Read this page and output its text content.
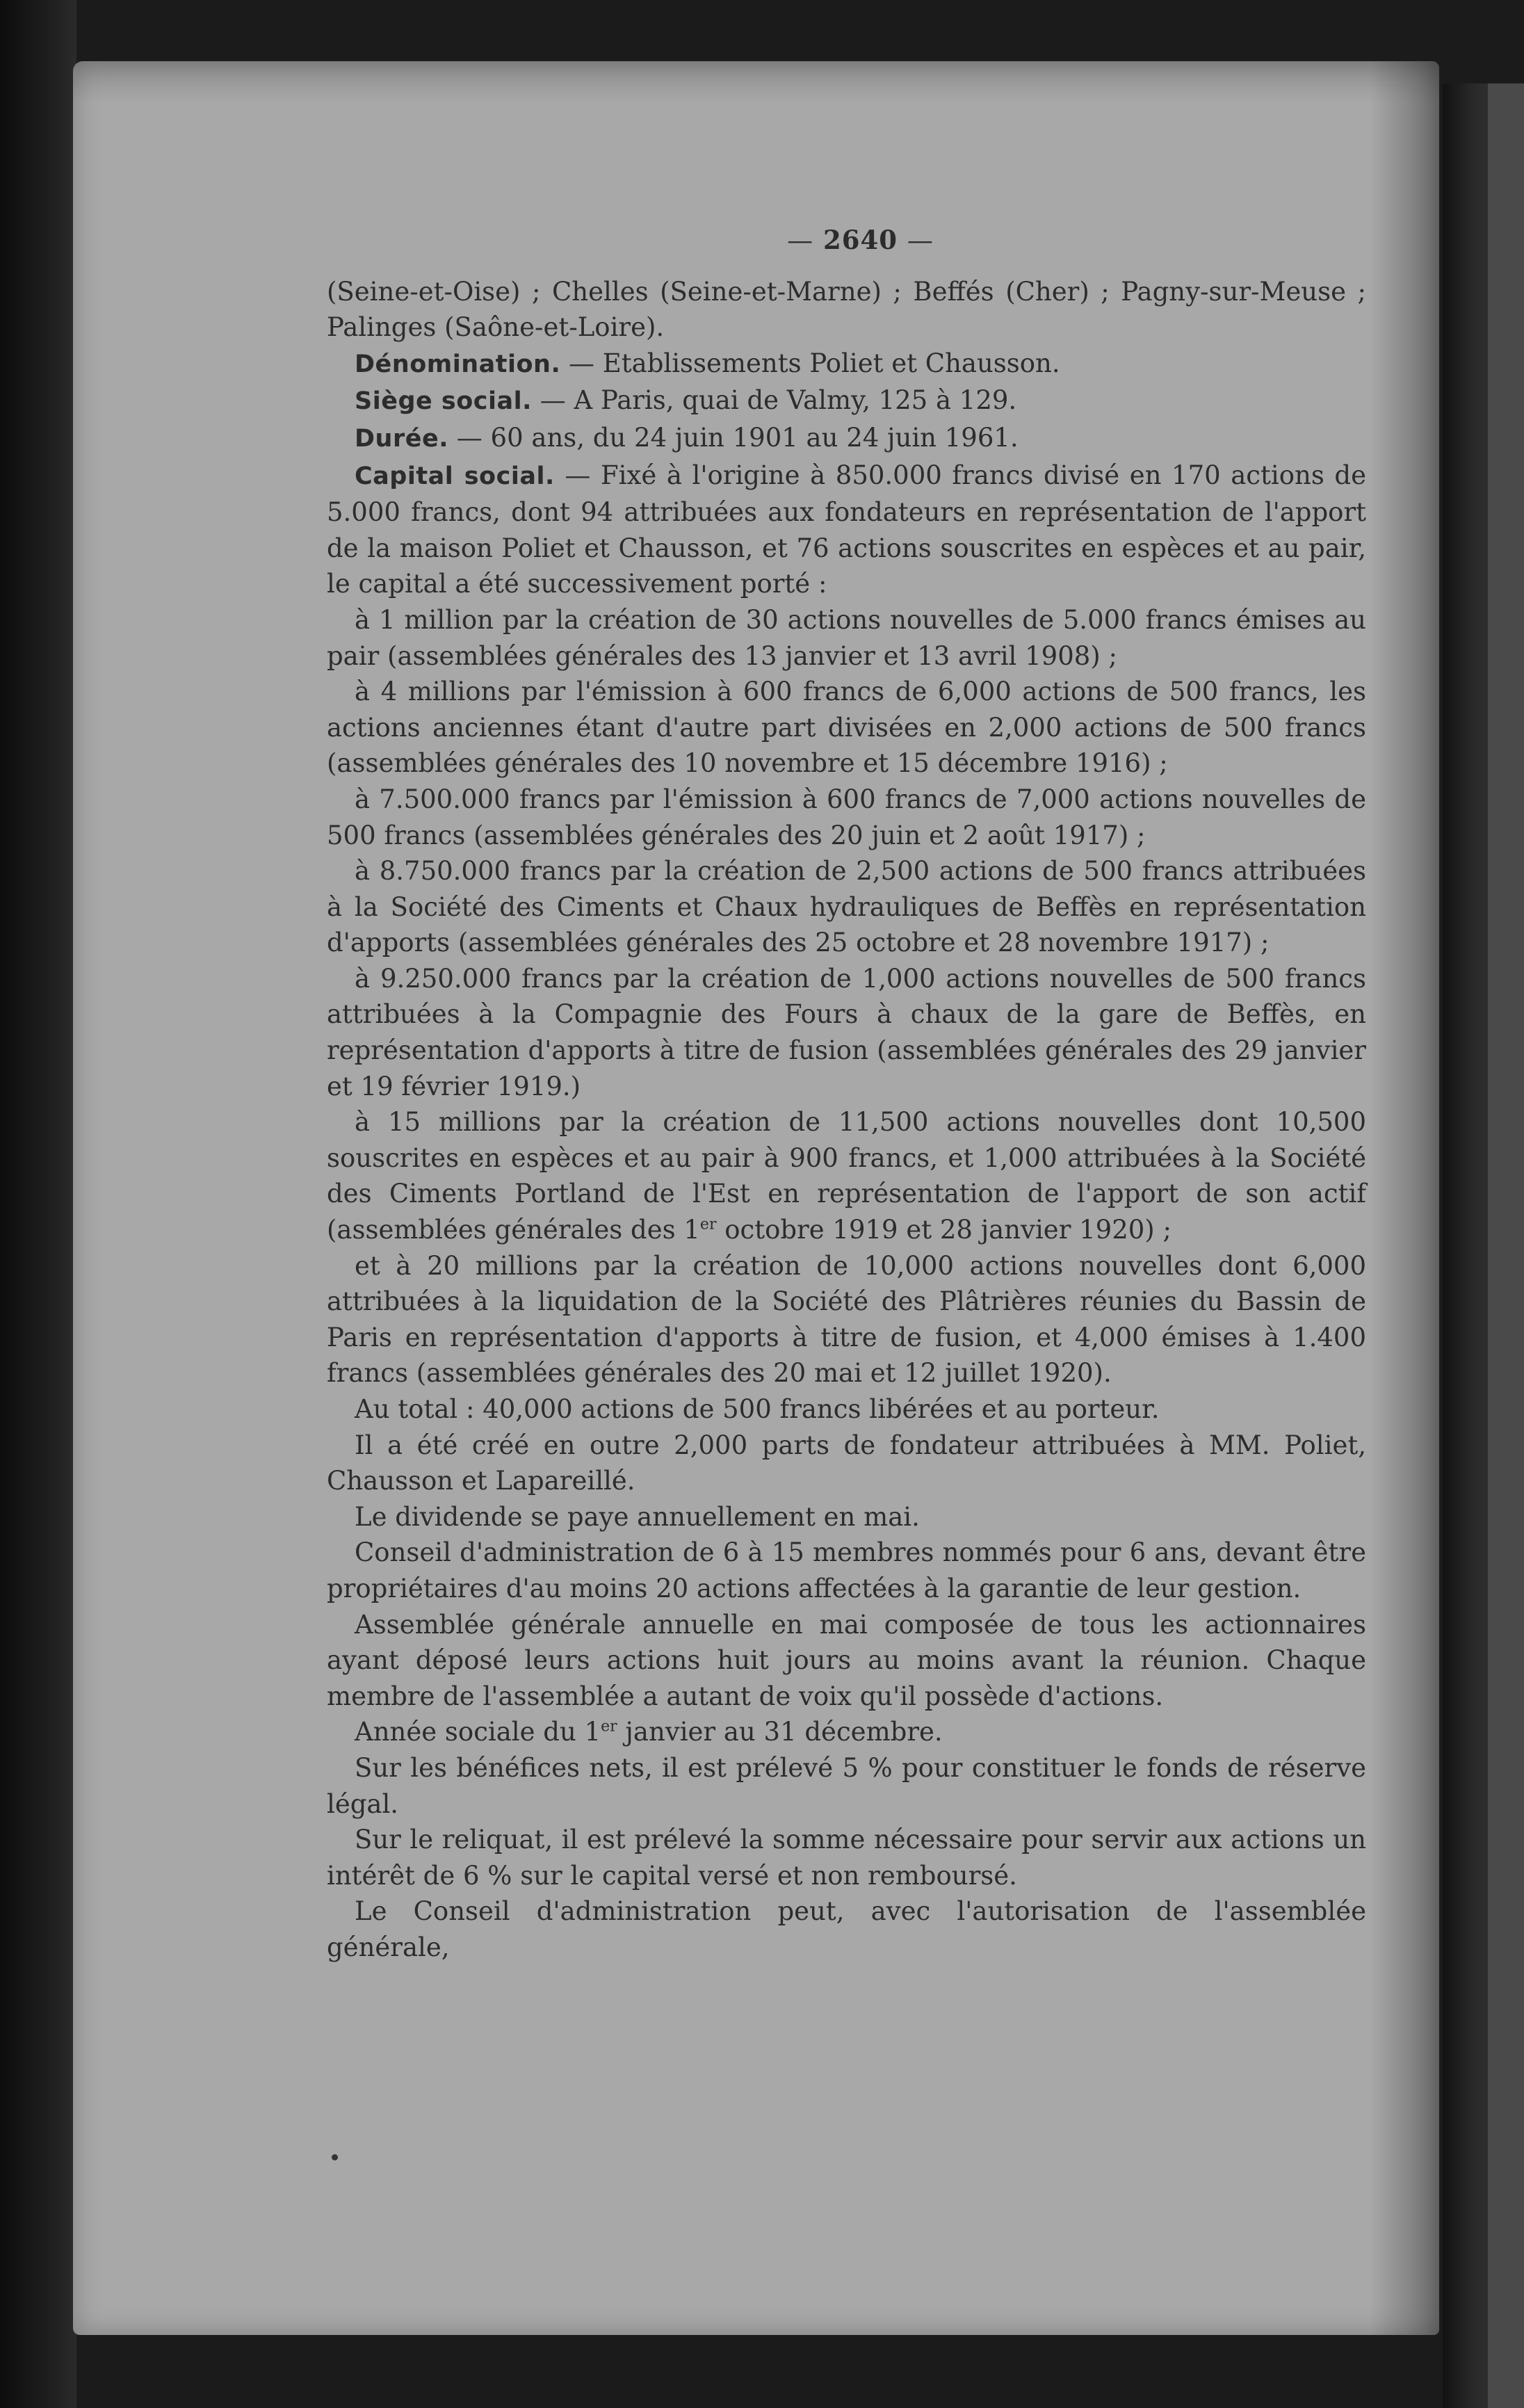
— 2640 —

(Seine-et-Oise) ; Chelles (Seine-et-Marne) ; Beffés (Cher) ; Pagny-sur-Meuse ; Palinges (Saône-et-Loire).

Dénomination. — Etablissements Poliet et Chausson.

Siège social. — A Paris, quai de Valmy, 125 à 129.

Durée. — 60 ans, du 24 juin 1901 au 24 juin 1961.

Capital social. — Fixé à l'origine à 850.000 francs divisé en 170 actions de 5.000 francs, dont 94 attribuées aux fondateurs en représentation de l'apport de la maison Poliet et Chausson, et 76 actions souscrites en espèces et au pair, le capital a été successivement porté :

à 1 million par la création de 30 actions nouvelles de 5.000 francs émises au pair (assemblées générales des 13 janvier et 13 avril 1908) ;

à 4 millions par l'émission à 600 francs de 6,000 actions de 500 francs, les actions anciennes étant d'autre part divisées en 2,000 actions de 500 francs (assemblées générales des 10 novembre et 15 décembre 1916) ;

à 7.500.000 francs par l'émission à 600 francs de 7,000 actions nouvelles de 500 francs (assemblées générales des 20 juin et 2 août 1917) ;

à 8.750.000 francs par la création de 2,500 actions de 500 francs attribuées à la Société des Ciments et Chaux hydrauliques de Beffès en représentation d'apports (assemblées générales des 25 octobre et 28 novembre 1917) ;

à 9.250.000 francs par la création de 1,000 actions nouvelles de 500 francs attribuées à la Compagnie des Fours à chaux de la gare de Beffès, en représentation d'apports à titre de fusion (assemblées générales des 29 janvier et 19 février 1919.)

à 15 millions par la création de 11,500 actions nouvelles dont 10,500 souscrites en espèces et au pair à 900 francs, et 1,000 attribuées à la Société des Ciments Portland de l'Est en représentation de l'apport de son actif (assemblées générales des 1er octobre 1919 et 28 janvier 1920) ;

et à 20 millions par la création de 10,000 actions nouvelles dont 6,000 attribuées à la liquidation de la Société des Plâtrières réunies du Bassin de Paris en représentation d'apports à titre de fusion, et 4,000 émises à 1.400 francs (assemblées générales des 20 mai et 12 juillet 1920).

Au total : 40,000 actions de 500 francs libérées et au porteur.

Il a été créé en outre 2,000 parts de fondateur attribuées à MM. Poliet, Chausson et Lapareillé.

Le dividende se paye annuellement en mai.

Conseil d'administration de 6 à 15 membres nommés pour 6 ans, devant être propriétaires d'au moins 20 actions affectées à la garantie de leur gestion.

Assemblée générale annuelle en mai composée de tous les actionnaires ayant déposé leurs actions huit jours au moins avant la réunion. Chaque membre de l'assemblée a autant de voix qu'il possède d'actions.

Année sociale du 1er janvier au 31 décembre.

Sur les bénéfices nets, il est prélevé 5 % pour constituer le fonds de réserve légal.

Sur le reliquat, il est prélevé la somme nécessaire pour servir aux actions un intérêt de 6 % sur le capital versé et non remboursé.

Le Conseil d'administration peut, avec l'autorisation de l'assemblée générale,
